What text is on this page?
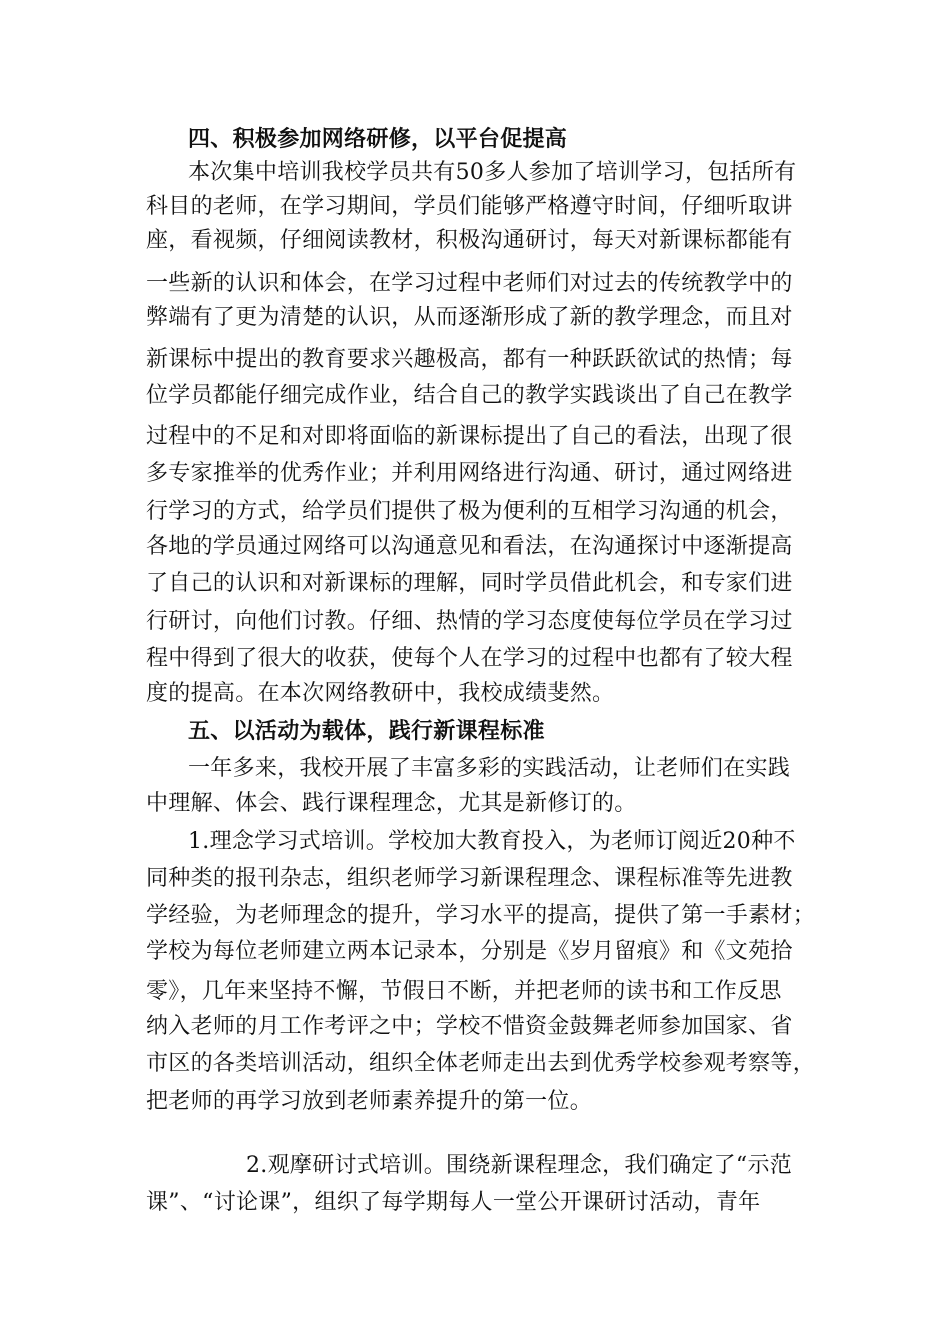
四、积极参加网络研修，以平台促提高
本次集中培训我校学员共有50多人参加了培训学习，包括所有
科目的老师，在学习期间，学员们能够严格遵守时间，仔细听取讲
座，看视频，仔细阅读教材，积极沟通研讨，每天对新课标都能有
一些新的认识和体会，在学习过程中老师们对过去的传统教学中的
弊端有了更为清楚的认识，从而逐渐形成了新的教学理念，而且对
新课标中提出的教育要求兴趣极高，都有一种跃跃欲试的热情；每
位学员都能仔细完成作业，结合自己的教学实践谈出了自己在教学
过程中的不足和对即将面临的新课标提出了自己的看法，出现了很
多专家推举的优秀作业；并利用网络进行沟通、研讨，通过网络进
行学习的方式，给学员们提供了极为便利的互相学习沟通的机会，
各地的学员通过网络可以沟通意见和看法，在沟通探讨中逐渐提高
了自己的认识和对新课标的理解，同时学员借此机会，和专家们进
行研讨，向他们讨教。仔细、热情的学习态度使每位学员在学习过
程中得到了很大的收获，使每个人在学习的过程中也都有了较大程
度的提高。在本次网络教研中，我校成绩斐然。
五、以活动为载体，践行新课程标准
一年多来，我校开展了丰富多彩的实践活动，让老师们在实践
中理解、体会、践行课程理念，尤其是新修订的。
1.理念学习式培训。学校加大教育投入，为老师订阅近20种不
同种类的报刊杂志，组织老师学习新课程理念、课程标准等先进教
学经验，为老师理念的提升，学习水平的提高，提供了第一手素材；
学校为每位老师建立两本记录本，分别是《岁月留痕》和《文苑拾
零》，几年来坚持不懈，节假日不断，并把老师的读书和工作反思
纳入老师的月工作考评之中；学校不惜资金鼓舞老师参加国家、省
市区的各类培训活动，组织全体老师走出去到优秀学校参观考察等，
把老师的再学习放到老师素养提升的第一位。
2.观摩研讨式培训。围绕新课程理念，我们确定了“示范
课”、“讨论课”，组织了每学期每人一堂公开课研讨活动，青年
